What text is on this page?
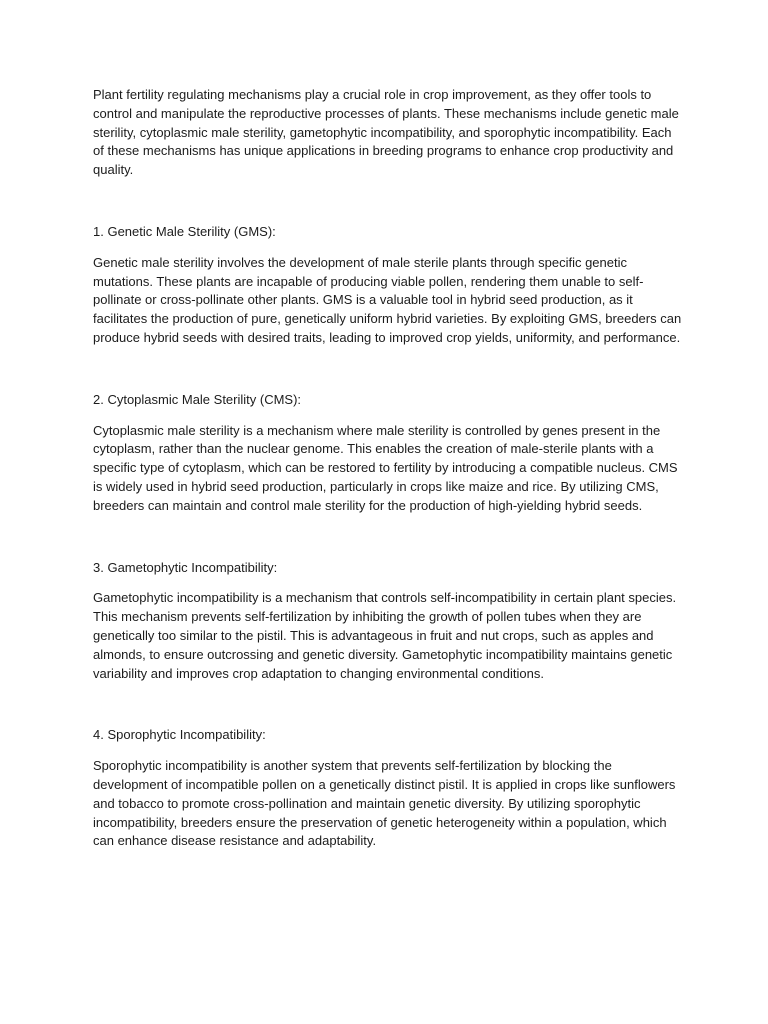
Plant fertility regulating mechanisms play a crucial role in crop improvement, as they offer tools to control and manipulate the reproductive processes of plants. These mechanisms include genetic male sterility, cytoplasmic male sterility, gametophytic incompatibility, and sporophytic incompatibility. Each of these mechanisms has unique applications in breeding programs to enhance crop productivity and quality.

1. Genetic Male Sterility (GMS):

Genetic male sterility involves the development of male sterile plants through specific genetic mutations. These plants are incapable of producing viable pollen, rendering them unable to self-pollinate or cross-pollinate other plants. GMS is a valuable tool in hybrid seed production, as it facilitates the production of pure, genetically uniform hybrid varieties. By exploiting GMS, breeders can produce hybrid seeds with desired traits, leading to improved crop yields, uniformity, and performance.

2. Cytoplasmic Male Sterility (CMS):

Cytoplasmic male sterility is a mechanism where male sterility is controlled by genes present in the cytoplasm, rather than the nuclear genome. This enables the creation of male-sterile plants with a specific type of cytoplasm, which can be restored to fertility by introducing a compatible nucleus. CMS is widely used in hybrid seed production, particularly in crops like maize and rice. By utilizing CMS, breeders can maintain and control male sterility for the production of high-yielding hybrid seeds.

3. Gametophytic Incompatibility:

Gametophytic incompatibility is a mechanism that controls self-incompatibility in certain plant species. This mechanism prevents self-fertilization by inhibiting the growth of pollen tubes when they are genetically too similar to the pistil. This is advantageous in fruit and nut crops, such as apples and almonds, to ensure outcrossing and genetic diversity. Gametophytic incompatibility maintains genetic variability and improves crop adaptation to changing environmental conditions.

4. Sporophytic Incompatibility:

Sporophytic incompatibility is another system that prevents self-fertilization by blocking the development of incompatible pollen on a genetically distinct pistil. It is applied in crops like sunflowers and tobacco to promote cross-pollination and maintain genetic diversity. By utilizing sporophytic incompatibility, breeders ensure the preservation of genetic heterogeneity within a population, which can enhance disease resistance and adaptability.
